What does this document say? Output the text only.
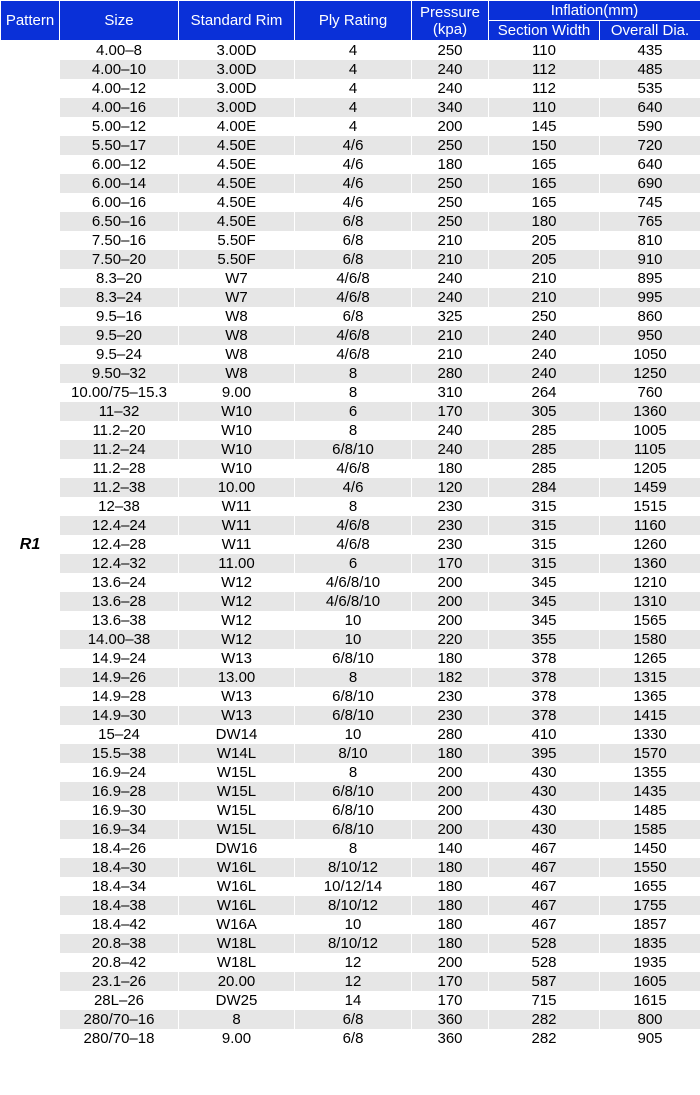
Pattern	Size	Standard Rim	Ply Rating	Pressure
(kpa)	Inflation(mm)	
					Section Width	Overall Dia.
R1	4.00–8	3.00D	4	250	110	435
	4.00–10	3.00D	4	240	112	485
	4.00–12	3.00D	4	240	112	535
	4.00–16	3.00D	4	340	110	640
	5.00–12	4.00E	4	200	145	590
	5.50–17	4.50E	4/6	250	150	720
	6.00–12	4.50E	4/6	180	165	640
	6.00–14	4.50E	4/6	250	165	690
	6.00–16	4.50E	4/6	250	165	745
	6.50–16	4.50E	6/8	250	180	765
	7.50–16	5.50F	6/8	210	205	810
	7.50–20	5.50F	6/8	210	205	910
	8.3–20	W7	4/6/8	240	210	895
	8.3–24	W7	4/6/8	240	210	995
	9.5–16	W8	6/8	325	250	860
	9.5–20	W8	4/6/8	210	240	950
	9.5–24	W8	4/6/8	210	240	1050
	9.50–32	W8	8	280	240	1250
	10.00/75–15.3	9.00	8	310	264	760
	11–32	W10	6	170	305	1360
	11.2–20	W10	8	240	285	1005
	11.2–24	W10	6/8/10	240	285	1105
	11.2–28	W10	4/6/8	180	285	1205
	11.2–38	10.00	4/6	120	284	1459
	12–38	W11	8	230	315	1515
	12.4–24	W11	4/6/8	230	315	1160
	12.4–28	W11	4/6/8	230	315	1260
	12.4–32	11.00	6	170	315	1360
	13.6–24	W12	4/6/8/10	200	345	1210
	13.6–28	W12	4/6/8/10	200	345	1310
	13.6–38	W12	10	200	345	1565
	14.00–38	W12	10	220	355	1580
	14.9–24	W13	6/8/10	180	378	1265
	14.9–26	13.00	8	182	378	1315
	14.9–28	W13	6/8/10	230	378	1365
	14.9–30	W13	6/8/10	230	378	1415
	15–24	DW14	10	280	410	1330
	15.5–38	W14L	8/10	180	395	1570
	16.9–24	W15L	8	200	430	1355
	16.9–28	W15L	6/8/10	200	430	1435
	16.9–30	W15L	6/8/10	200	430	1485
	16.9–34	W15L	6/8/10	200	430	1585
	18.4–26	DW16	8	140	467	1450
	18.4–30	W16L	8/10/12	180	467	1550
	18.4–34	W16L	10/12/14	180	467	1655
	18.4–38	W16L	8/10/12	180	467	1755
	18.4–42	W16A	10	180	467	1857
	20.8–38	W18L	8/10/12	180	528	1835
	20.8–42	W18L	12	200	528	1935
	23.1–26	20.00	12	170	587	1605
	28L–26	DW25	14	170	715	1615
	280/70–16	8	6/8	360	282	800
	280/70–18	9.00	6/8	360	282	905
